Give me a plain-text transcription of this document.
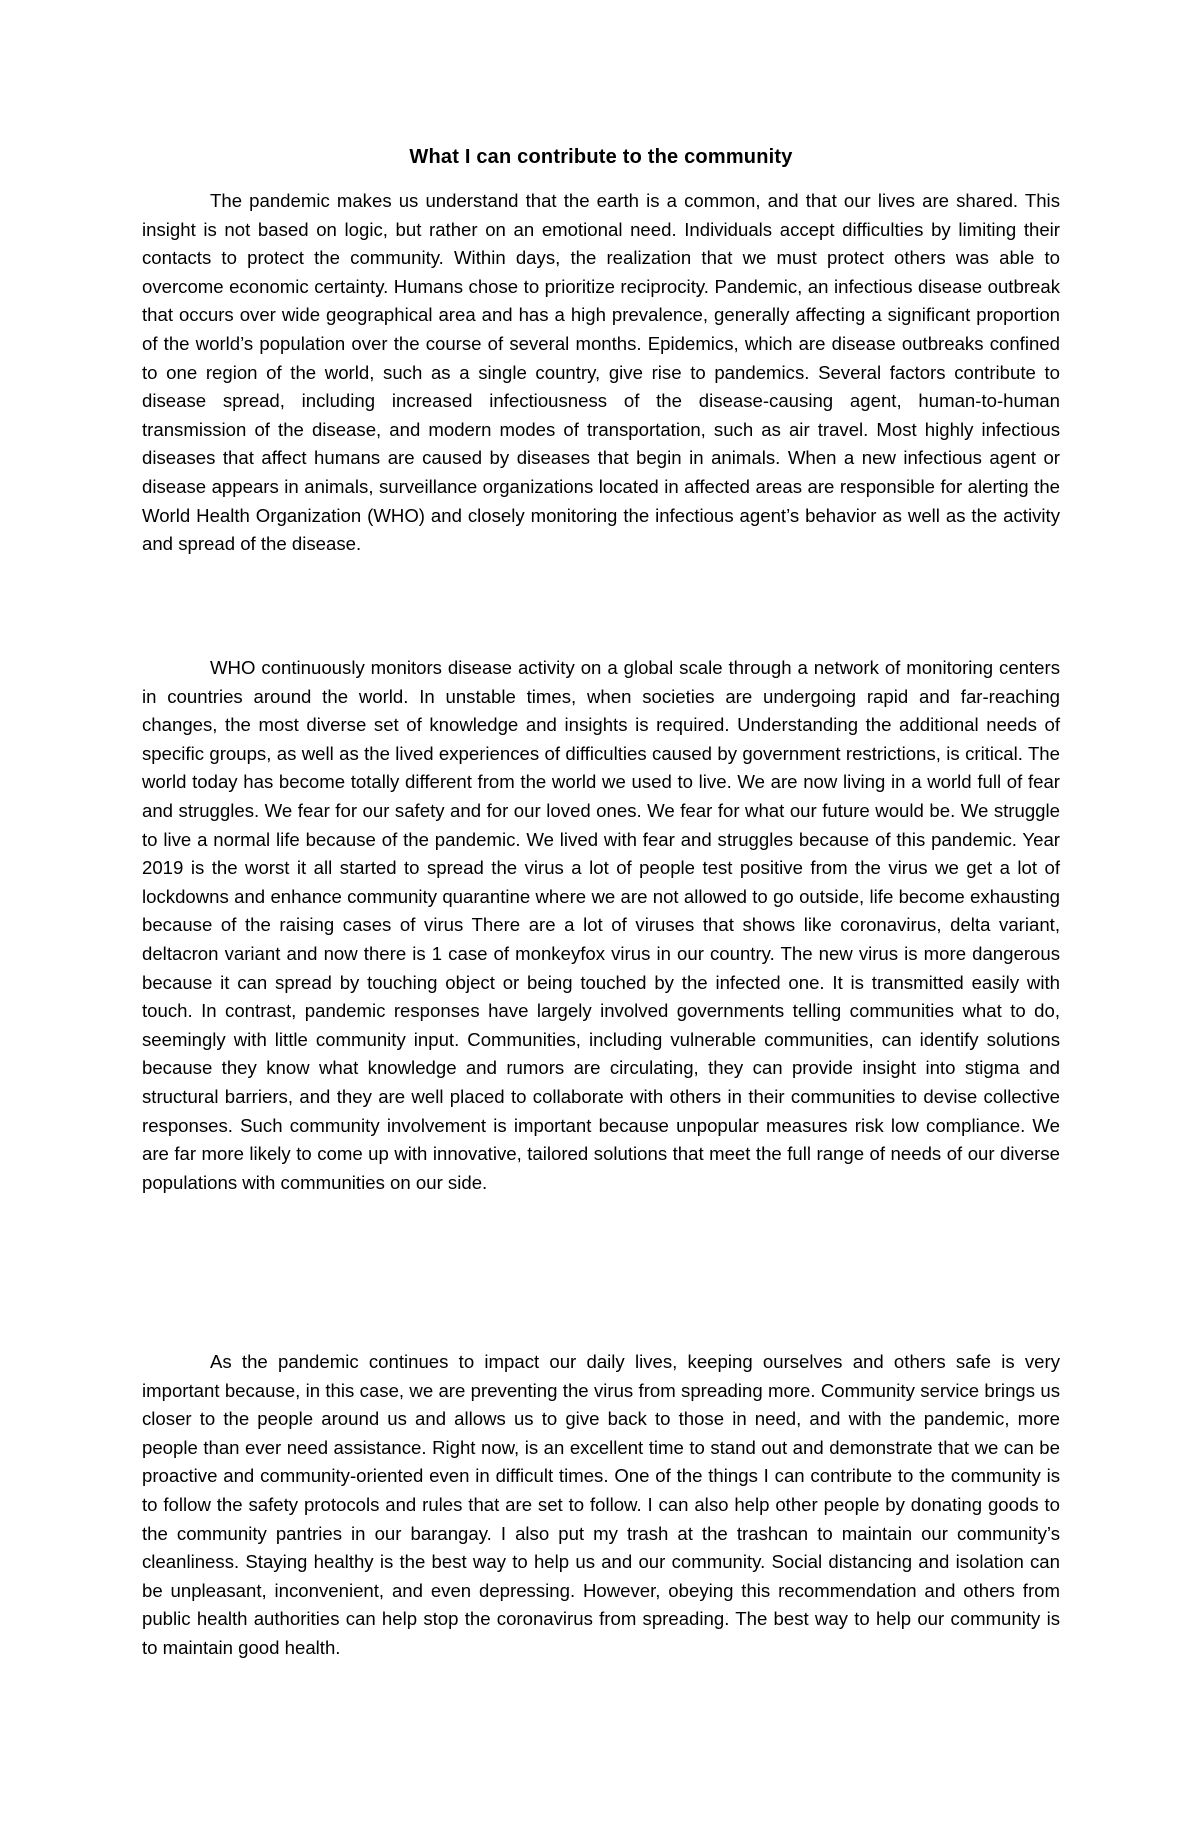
What I can contribute to the community

The pandemic makes us understand that the earth is a common, and that our lives are shared. This insight is not based on logic, but rather on an emotional need. Individuals accept difficulties by limiting their contacts to protect the community. Within days, the realization that we must protect others was able to overcome economic certainty. Humans chose to prioritize reciprocity. Pandemic, an infectious disease outbreak that occurs over wide geographical area and has a high prevalence, generally affecting a significant proportion of the world’s population over the course of several months. Epidemics, which are disease outbreaks confined to one region of the world, such as a single country, give rise to pandemics. Several factors contribute to disease spread, including increased infectiousness of the disease-causing agent, human-to-human transmission of the disease, and modern modes of transportation, such as air travel. Most highly infectious diseases that affect humans are caused by diseases that begin in animals. When a new infectious agent or disease appears in animals, surveillance organizations located in affected areas are responsible for alerting the World Health Organization (WHO) and closely monitoring the infectious agent’s behavior as well as the activity and spread of the disease.

WHO continuously monitors disease activity on a global scale through a network of monitoring centers in countries around the world. In unstable times, when societies are undergoing rapid and far-reaching changes, the most diverse set of knowledge and insights is required. Understanding the additional needs of specific groups, as well as the lived experiences of difficulties caused by government restrictions, is critical. The world today has become totally different from the world we used to live. We are now living in a world full of fear and struggles. We fear for our safety and for our loved ones. We fear for what our future would be. We struggle to live a normal life because of the pandemic. We lived with fear and struggles because of this pandemic. Year 2019 is the worst it all started to spread the virus a lot of people test positive from the virus we get a lot of lockdowns and enhance community quarantine where we are not allowed to go outside, life become exhausting because of the raising cases of virus There are a lot of viruses that shows like coronavirus, delta variant, deltacron variant and now there is 1 case of monkeyfox virus in our country. The new virus is more dangerous because it can spread by touching object or being touched by the infected one. It is transmitted easily with touch. In contrast, pandemic responses have largely involved governments telling communities what to do, seemingly with little community input. Communities, including vulnerable communities, can identify solutions because they know what knowledge and rumors are circulating, they can provide insight into stigma and structural barriers, and they are well placed to collaborate with others in their communities to devise collective responses. Such community involvement is important because unpopular measures risk low compliance. We are far more likely to come up with innovative, tailored solutions that meet the full range of needs of our diverse populations with communities on our side.

As the pandemic continues to impact our daily lives, keeping ourselves and others safe is very important because, in this case, we are preventing the virus from spreading more. Community service brings us closer to the people around us and allows us to give back to those in need, and with the pandemic, more people than ever need assistance. Right now, is an excellent time to stand out and demonstrate that we can be proactive and community-oriented even in difficult times. One of the things I can contribute to the community is to follow the safety protocols and rules that are set to follow. I can also help other people by donating goods to the community pantries in our barangay. I also put my trash at the trashcan to maintain our community’s cleanliness. Staying healthy is the best way to help us and our community. Social distancing and isolation can be unpleasant, inconvenient, and even depressing. However, obeying this recommendation and others from public health authorities can help stop the coronavirus from spreading. The best way to help our community is to maintain good health.
